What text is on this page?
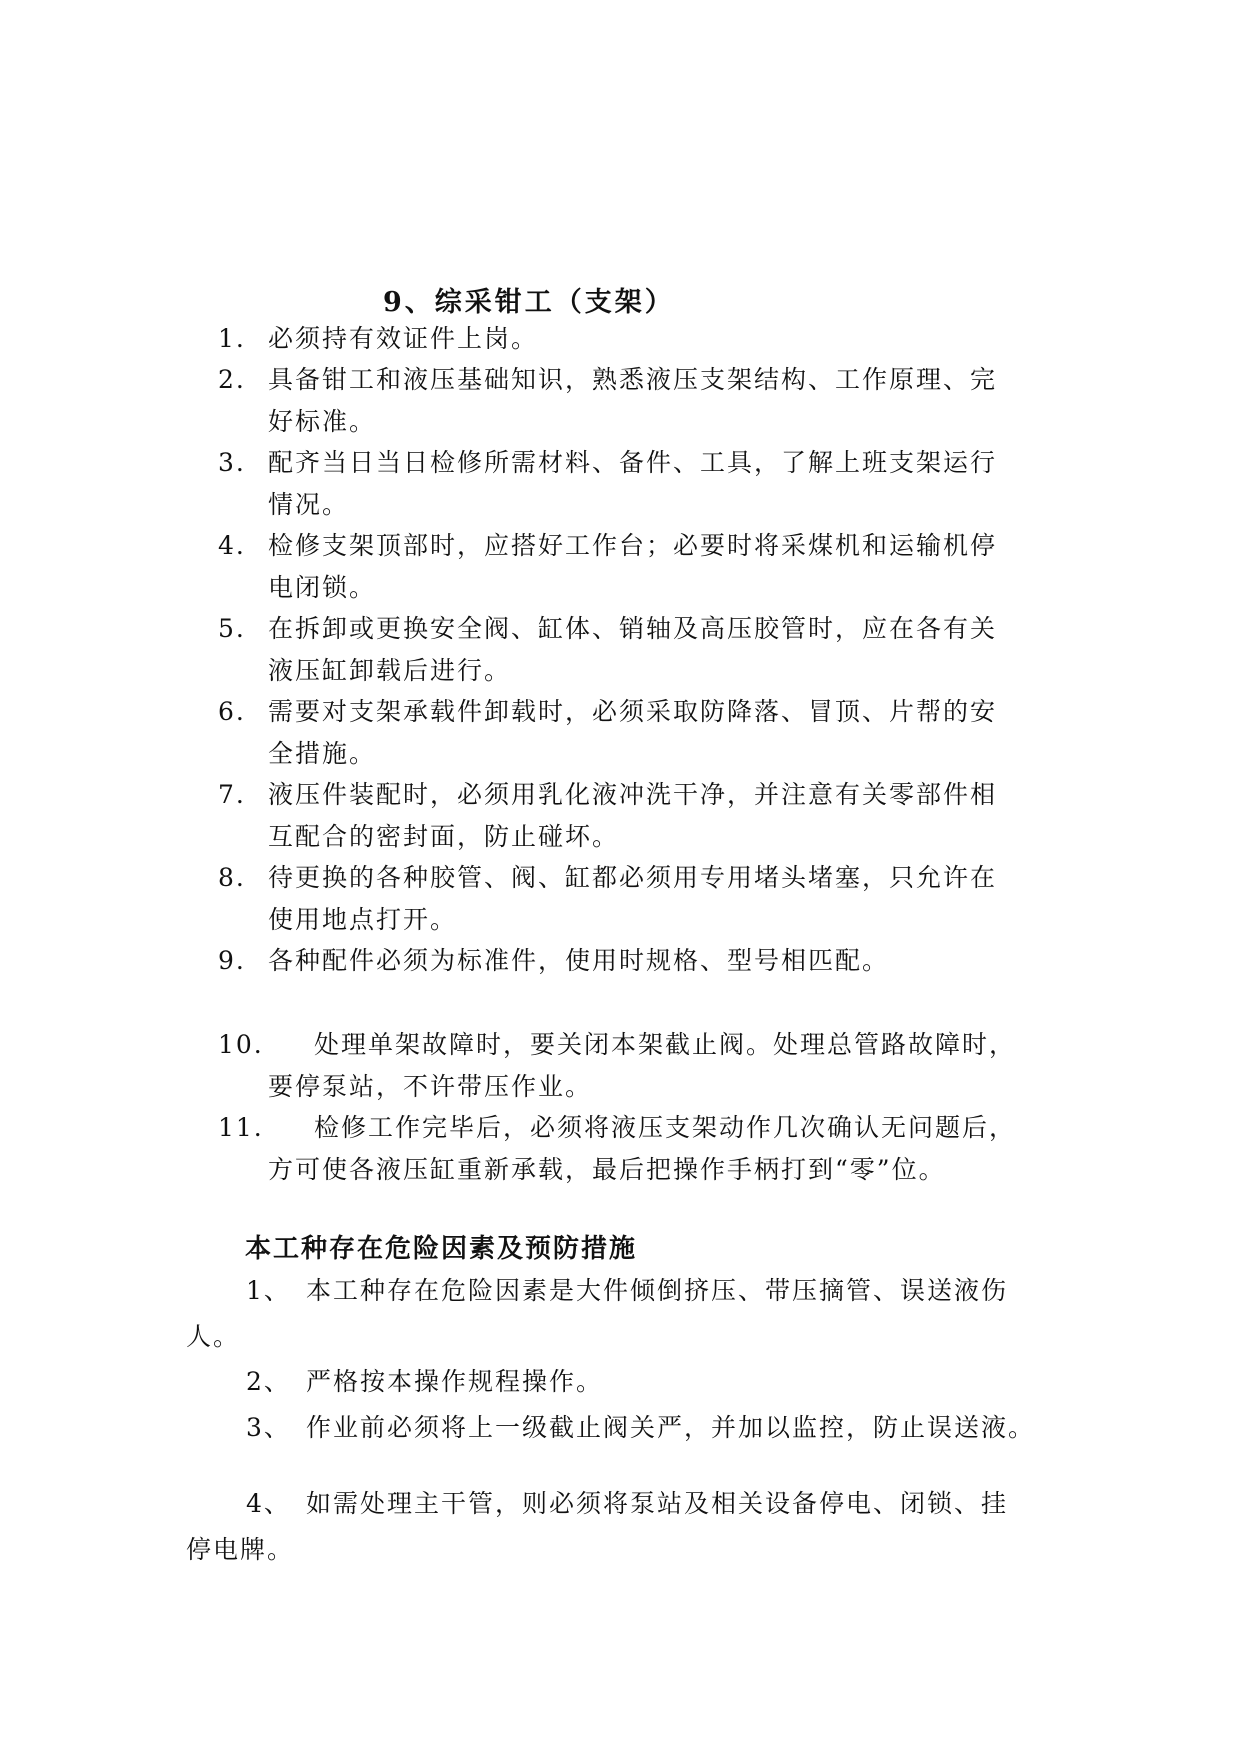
9、综采钳工（支架）
1. 必须持有效证件上岗。
2. 具备钳工和液压基础知识，熟悉液压支架结构、工作原理、完
好标准。
3. 配齐当日当日检修所需材料、备件、工具，了解上班支架运行
情况。
4. 检修支架顶部时，应搭好工作台；必要时将采煤机和运输机停
电闭锁。
5. 在拆卸或更换安全阀、缸体、销轴及高压胶管时，应在各有关
液压缸卸载后进行。
6. 需要对支架承载件卸载时，必须采取防降落、冒顶、片帮的安
全措施。
7. 液压件装配时，必须用乳化液冲洗干净，并注意有关零部件相
互配合的密封面，防止碰坏。
8. 待更换的各种胶管、阀、缸都必须用专用堵头堵塞，只允许在
使用地点打开。
9. 各种配件必须为标准件，使用时规格、型号相匹配。
10. 处理单架故障时，要关闭本架截止阀。处理总管路故障时，
要停泵站，不许带压作业。
11. 检修工作完毕后，必须将液压支架动作几次确认无问题后，
方可使各液压缸重新承载，最后把操作手柄打到“零”位。
本工种存在危险因素及预防措施
1、 本工种存在危险因素是大件倾倒挤压、带压摘管、误送液伤
人。
2、 严格按本操作规程操作。
3、 作业前必须将上一级截止阀关严，并加以监控，防止误送液。
4、 如需处理主干管，则必须将泵站及相关设备停电、闭锁、挂
停电牌。
